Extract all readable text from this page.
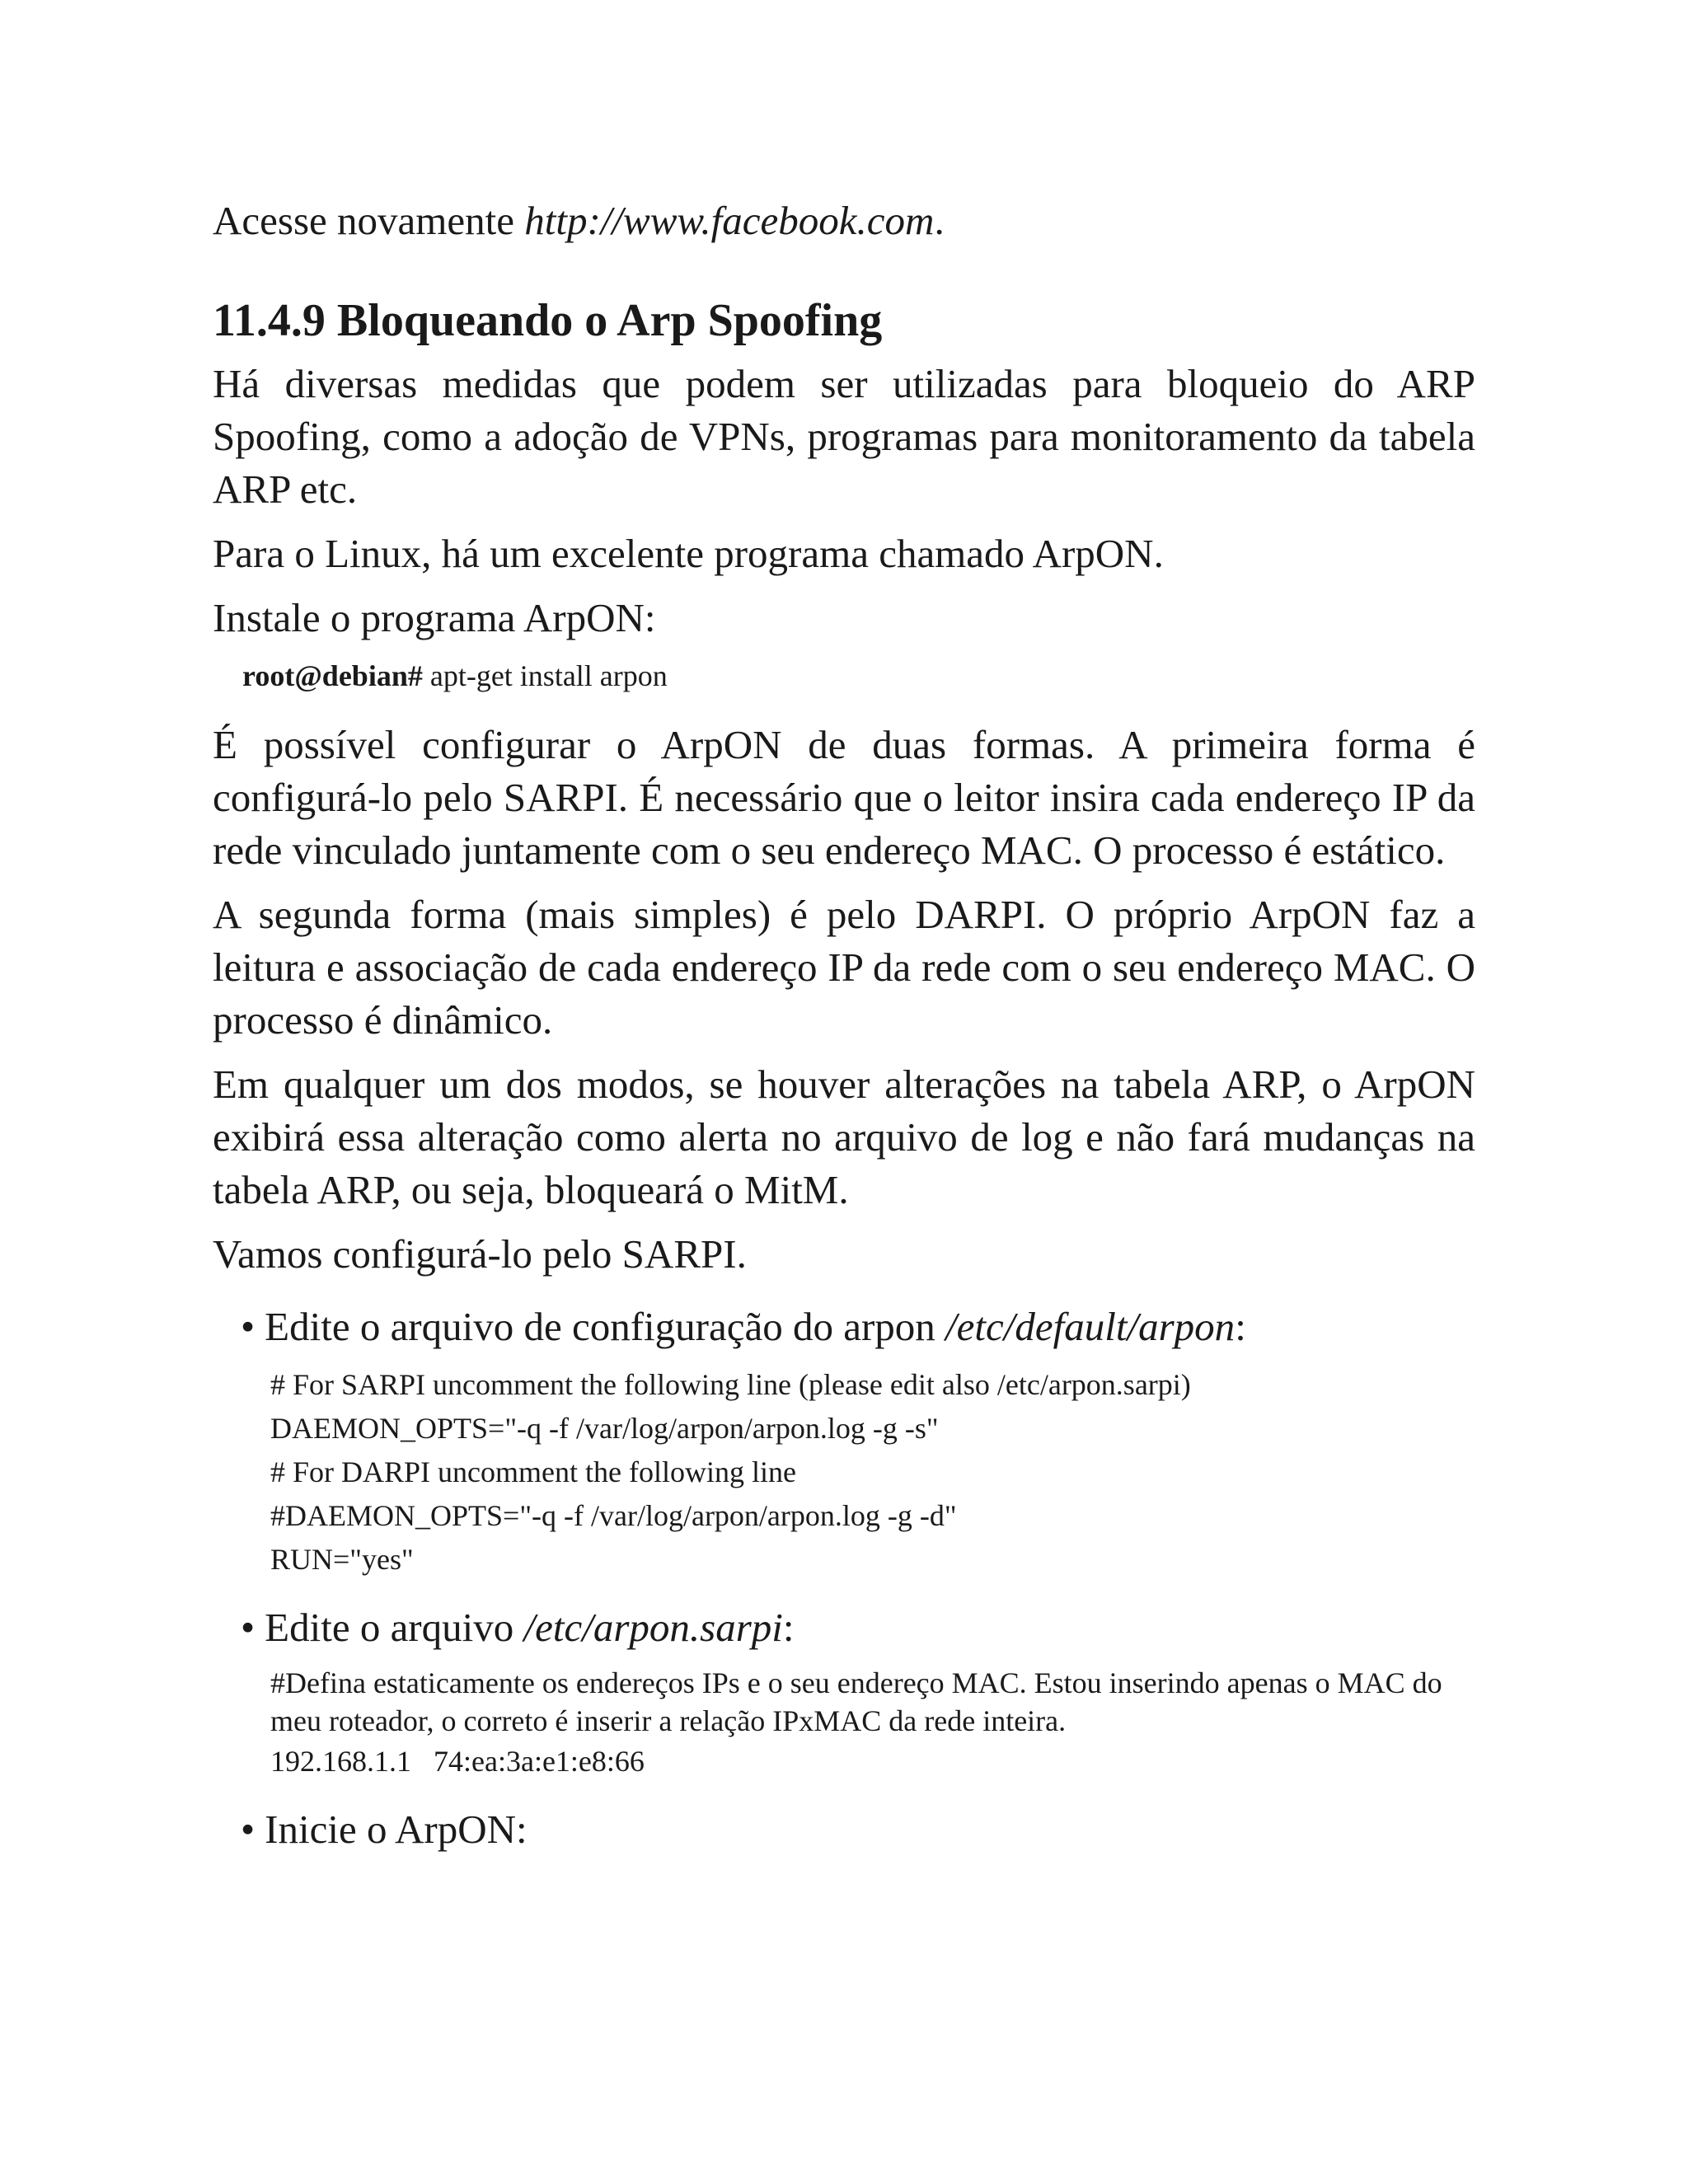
Acesse novamente http://www.facebook.com.

11.4.9 Bloqueando o Arp Spoofing

Há diversas medidas que podem ser utilizadas para bloqueio do ARP Spoofing, como a adoção de VPNs, programas para monitoramento da tabela ARP etc.

Para o Linux, há um excelente programa chamado ArpON.

Instale o programa ArpON:

root@debian# apt-get install arpon

É possível configurar o ArpON de duas formas. A primeira forma é configurá-lo pelo SARPI. É necessário que o leitor insira cada endereço IP da rede vinculado juntamente com o seu endereço MAC. O processo é estático.

A segunda forma (mais simples) é pelo DARPI. O próprio ArpON faz a leitura e associação de cada endereço IP da rede com o seu endereço MAC. O processo é dinâmico.

Em qualquer um dos modos, se houver alterações na tabela ARP, o ArpON exibirá essa alteração como alerta no arquivo de log e não fará mudanças na tabela ARP, ou seja, bloqueará o MitM.

Vamos configurá-lo pelo SARPI.

• Edite o arquivo de configuração do arpon /etc/default/arpon:
# For SARPI uncomment the following line (please edit also /etc/arpon.sarpi)
DAEMON_OPTS="-q -f /var/log/arpon/arpon.log -g -s"
# For DARPI uncomment the following line
#DAEMON_OPTS="-q -f /var/log/arpon/arpon.log -g -d"
RUN="yes"
• Edite o arquivo /etc/arpon.sarpi:
#Defina estaticamente os endereços IPs e o seu endereço MAC. Estou inserindo apenas o MAC do meu roteador, o correto é inserir a relação IPxMAC da rede inteira.
192.168.1.1   74:ea:3a:e1:e8:66
• Inicie o ArpON:
